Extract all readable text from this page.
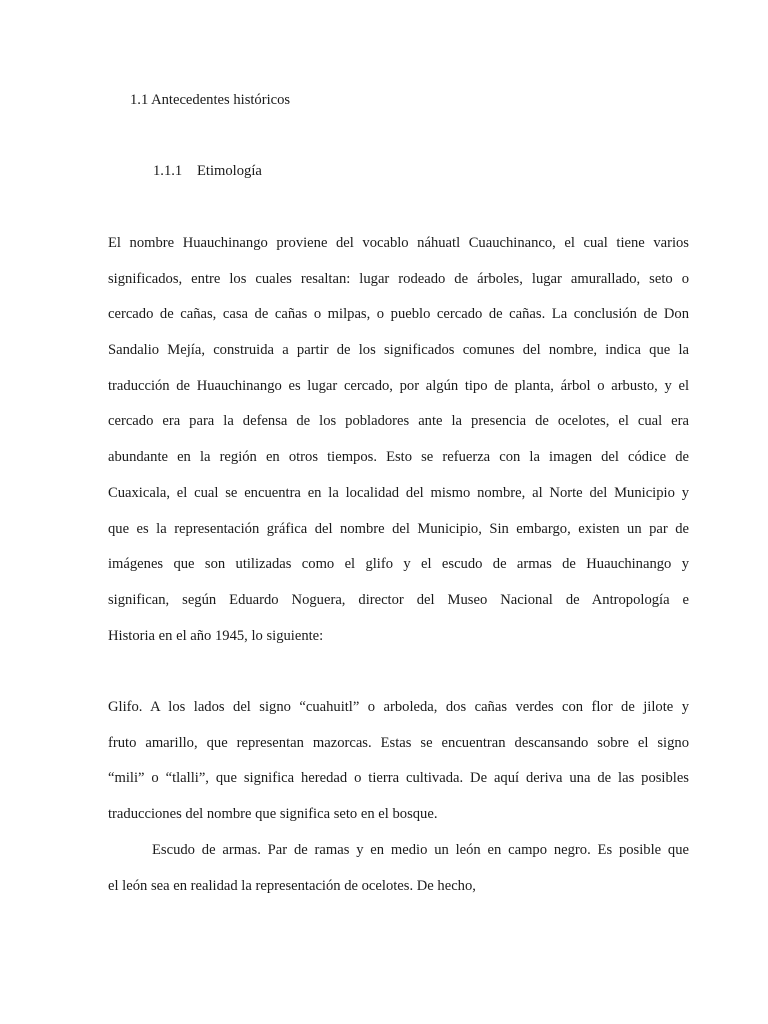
1.1 Antecedentes históricos
1.1.1 Etimología
El nombre Huauchinango proviene del vocablo náhuatl Cuauchinanco, el cual tiene varios
significados, entre los cuales resaltan: lugar rodeado de árboles, lugar amurallado, seto o
cercado de cañas, casa de cañas o milpas, o pueblo cercado de cañas. La conclusión de Don
Sandalio Mejía, construida a partir de los significados comunes del nombre, indica que la
traducción de Huauchinango es lugar cercado, por algún tipo de planta, árbol o arbusto, y el
cercado era para la defensa de los pobladores ante la presencia de ocelotes, el cual era
abundante en la región en otros tiempos. Esto se refuerza con la imagen del códice de
Cuaxicala, el cual se encuentra en la localidad del mismo nombre, al Norte del Municipio y
que es la representación gráfica del nombre del Municipio, Sin embargo, existen un par de
imágenes que son utilizadas como el glifo y el escudo de armas de Huauchinango y
significan, según Eduardo Noguera, director del Museo Nacional de Antropología e
Historia en el año 1945, lo siguiente:
Glifo. A los lados del signo “cuahuitl” o arboleda, dos cañas verdes con flor de jilote y
fruto amarillo, que representan mazorcas. Estas se encuentran descansando sobre el signo
“mili” o “tlalli”, que significa heredad o tierra cultivada. De aquí deriva una de las posibles
traducciones del nombre que significa seto en el bosque.
Escudo de armas. Par de ramas y en medio un león en campo negro. Es posible que
el león sea en realidad la representación de ocelotes. De hecho,
